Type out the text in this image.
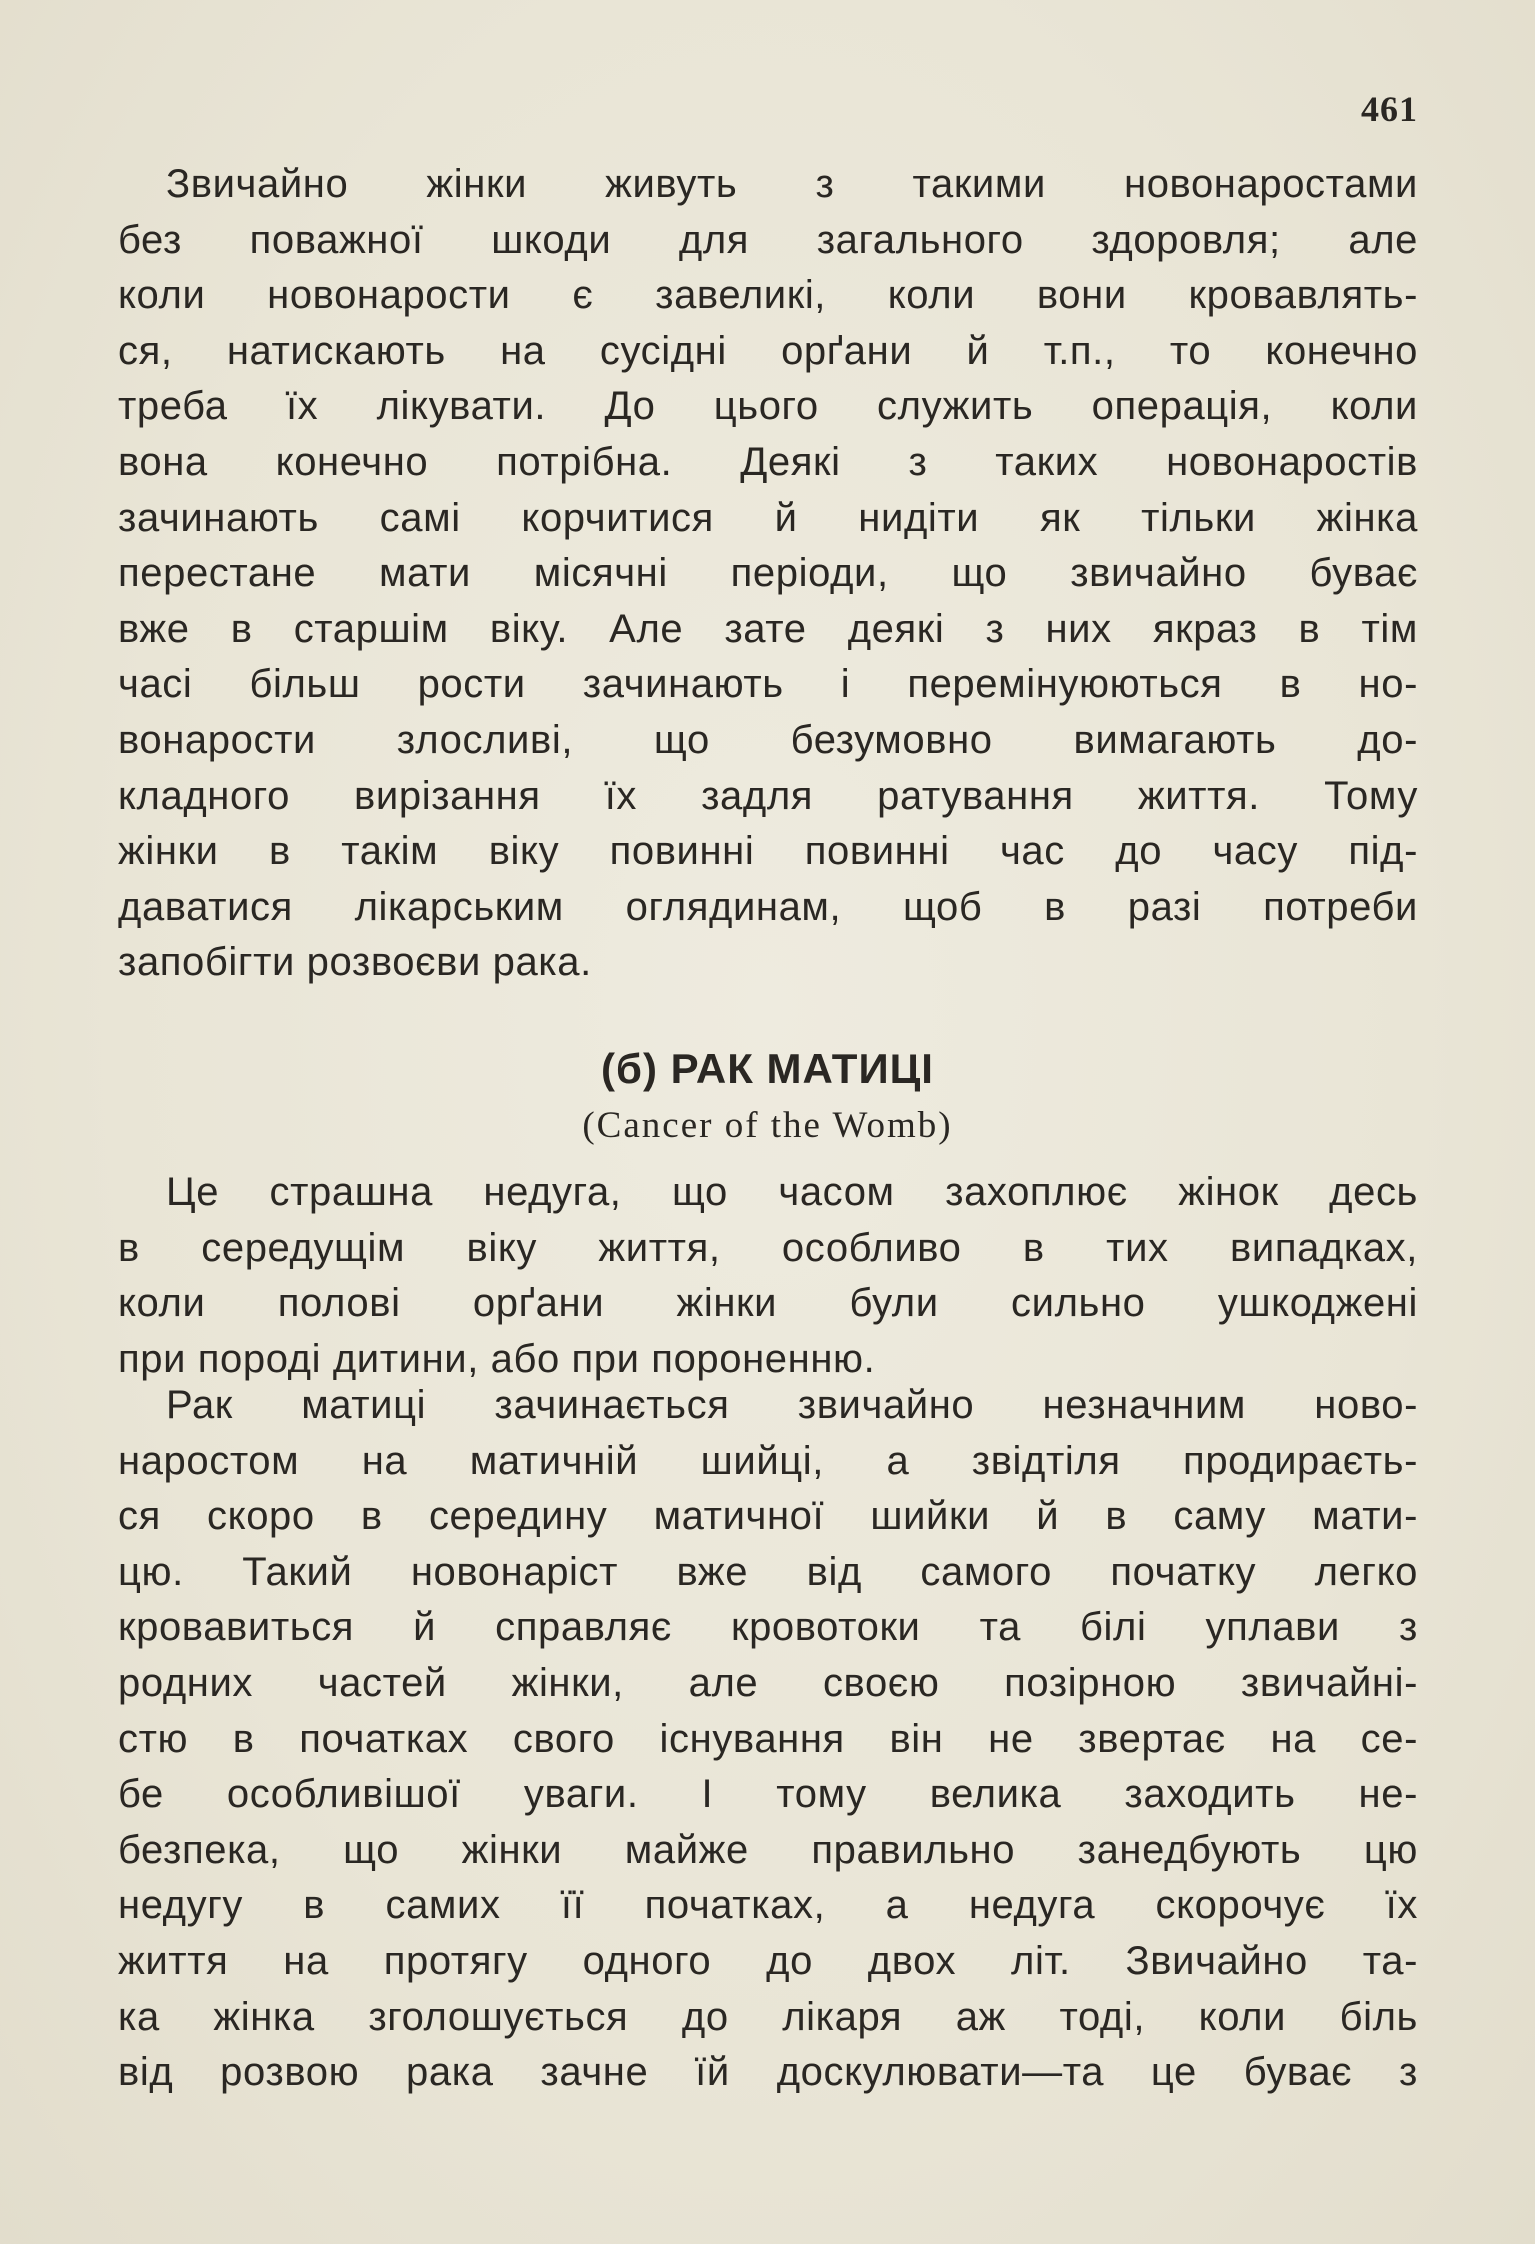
461
Звичайно жінки живуть з такими новонаростами
без поважної шкоди для загального здоровля; але
коли новонарости є завеликі, коли вони кровавлять-
ся, натискають на сусідні орґани й т.п., то конечно
треба їх лікувати. До цього служить операція, коли
вона конечно потрібна. Деякі з таких новонаростів
зачинають самі корчитися й нидіти як тільки жінка
перестане мати місячні періоди, що звичайно буває
вже в старшім віку. Але зате деякі з них якраз в тім
часі більш рости зачинають і перемінуюються в но-
вонарости злосливі, що безумовно вимагають до-
кладного вирізання їх задля ратування життя. Тому
жінки в такім віку повинні повинні час до часу під-
даватися лікарським оглядинам, щоб в разі потреби
запобігти розвоєви рака.
(б) РАК МАТИЦІ
(Cancer of the Womb)
Це страшна недуга, що часом захоплює жінок десь
в середущім віку життя, особливо в тих випадках,
коли полові орґани жінки були сильно ушкоджені
при породі дитини, або при пороненню.
Рак матиці зачинається звичайно незначним ново-
наростом на матичній шийці, а звідтіля продираєть-
ся скоро в середину матичної шийки й в саму мати-
цю. Такий новонаріст вже від самого початку легко
кровавиться й справляє кровотоки та білі уплави з
родних частей жінки, але своєю позірною звичайні-
стю в початках свого існування він не звертає на се-
бе особливішої уваги. І тому велика заходить не-
безпека, що жінки майже правильно занедбують цю
недугу в самих її початках, а недуга скорочує їх
життя на протягу одного до двох літ. Звичайно та-
ка жінка зголошується до лікаря аж тоді, коли біль
від розвою рака зачне їй доскулювати—та це буває з
